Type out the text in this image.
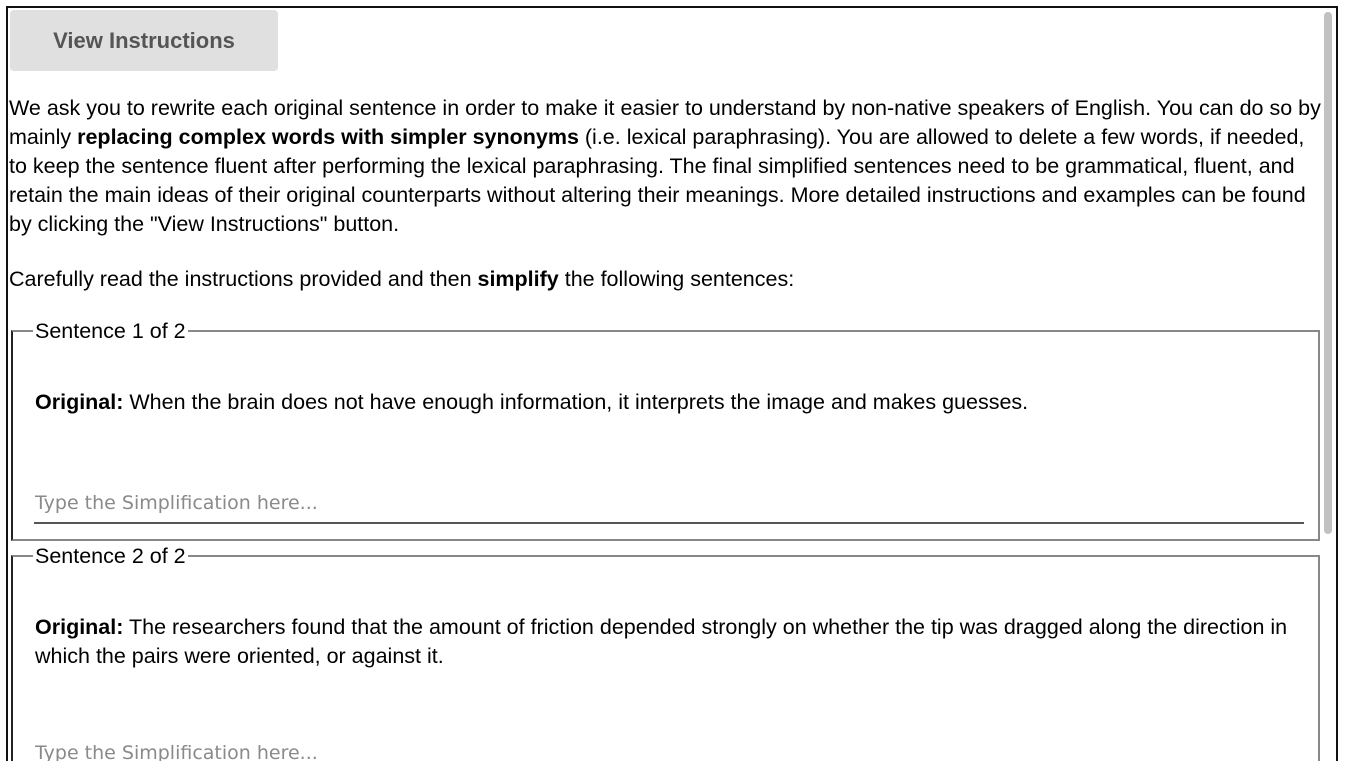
View Instructions

We ask you to rewrite each original sentence in order to make it easier to understand by non-native speakers of English. You can do so by mainly replacing complex words with simpler synonyms (i.e. lexical paraphrasing). You are allowed to delete a few words, if needed, to keep the sentence fluent after performing the lexical paraphrasing. The final simplified sentences need to be grammatical, fluent, and retain the main ideas of their original counterparts without altering their meanings. More detailed instructions and examples can be found by clicking the "View Instructions" button.

Carefully read the instructions provided and then simplify the following sentences:

Sentence 1 of 2

Original: When the brain does not have enough information, it interprets the image and makes guesses.

Type the Simplification here...
Sentence 2 of 2

Original: The researchers found that the amount of friction depended strongly on whether the tip was dragged along the direction in which the pairs were oriented, or against it.

Type the Simplification here...
